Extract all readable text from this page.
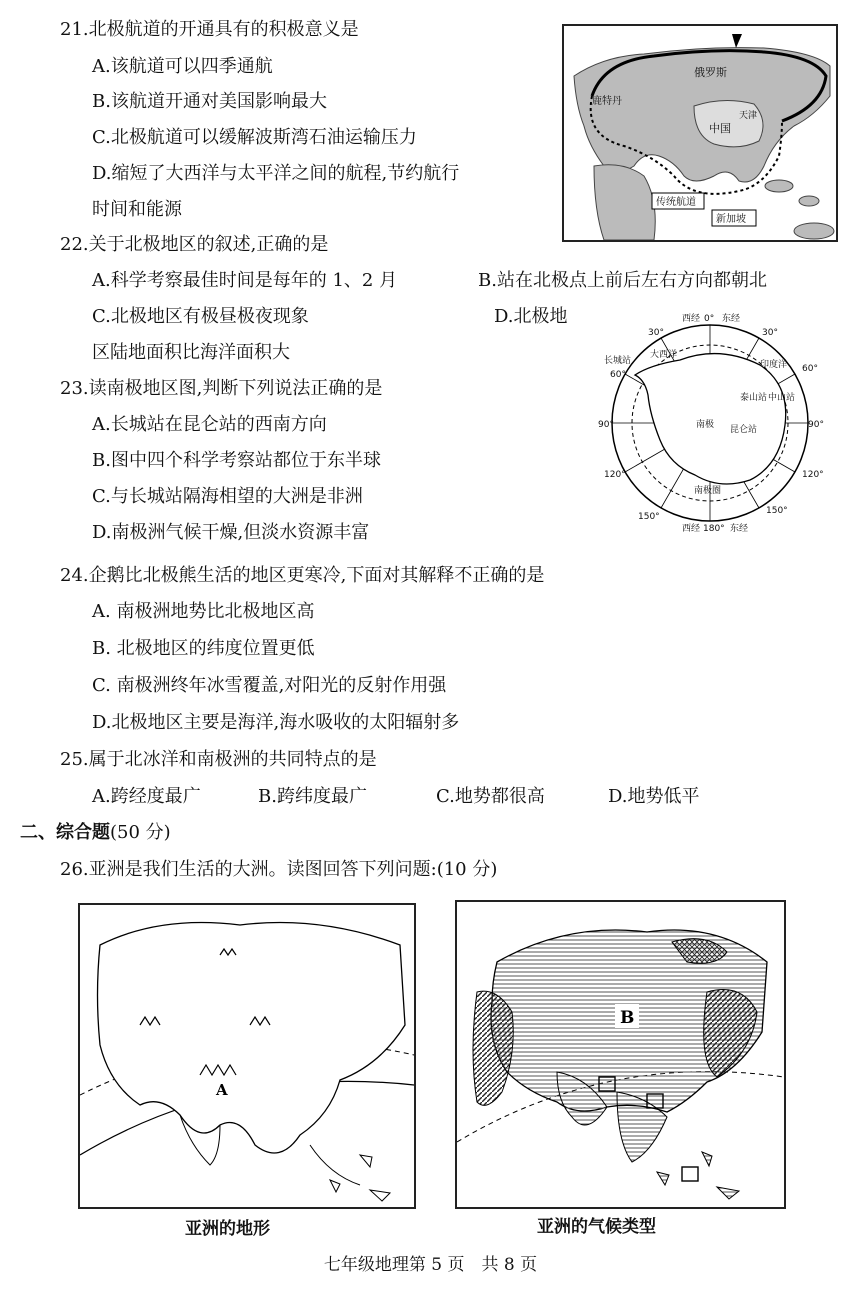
21.北极航道的开通具有的积极意义是
A.该航道可以四季通航
B.该航道开通对美国影响最大
C.北极航道可以缓解波斯湾石油运输压力
D.缩短了大西洋与太平洋之间的航程,节约航行
时间和能源
俄罗斯
中国
天津
鹿特丹
传统航道
新加坡
22.关于北极地区的叙述,正确的是
A.科学考察最佳时间是每年的 1、2 月	B.站在北极点上前后左右方向都朝北
C.北极地区有极昼极夜现象	D.北极地
区陆地面积比海洋面积大
西经 0° 东经
30°	30°
长城站
大西洋
印度洋
60°
60°
泰山站 中山站
90°	90°
南极 昆仑站
120°	120°
南极圈
150°
150°
西经 180° 东经
23.读南极地区图,判断下列说法正确的是
A.长城站在昆仑站的西南方向
B.图中四个科学考察站都位于东半球
C.与长城站隔海相望的大洲是非洲
D.南极洲气候干燥,但淡水资源丰富
24.企鹅比北极熊生活的地区更寒冷,下面对其解释不正确的是
A. 南极洲地势比北极地区高
B. 北极地区的纬度位置更低
C. 南极洲终年冰雪覆盖,对阳光的反射作用强
D.北极地区主要是海洋,海水吸收的太阳辐射多
25.属于北冰洋和南极洲的共同特点的是
A.跨经度最广	B.跨纬度最广	C.地势都很高	D.地势低平
二、综合题(50 分)
26.亚洲是我们生活的大洲。读图回答下列问题:(10 分)
A
亚洲的地形
B
亚洲的气候类型
七年级地理第 5 页　共 8 页
